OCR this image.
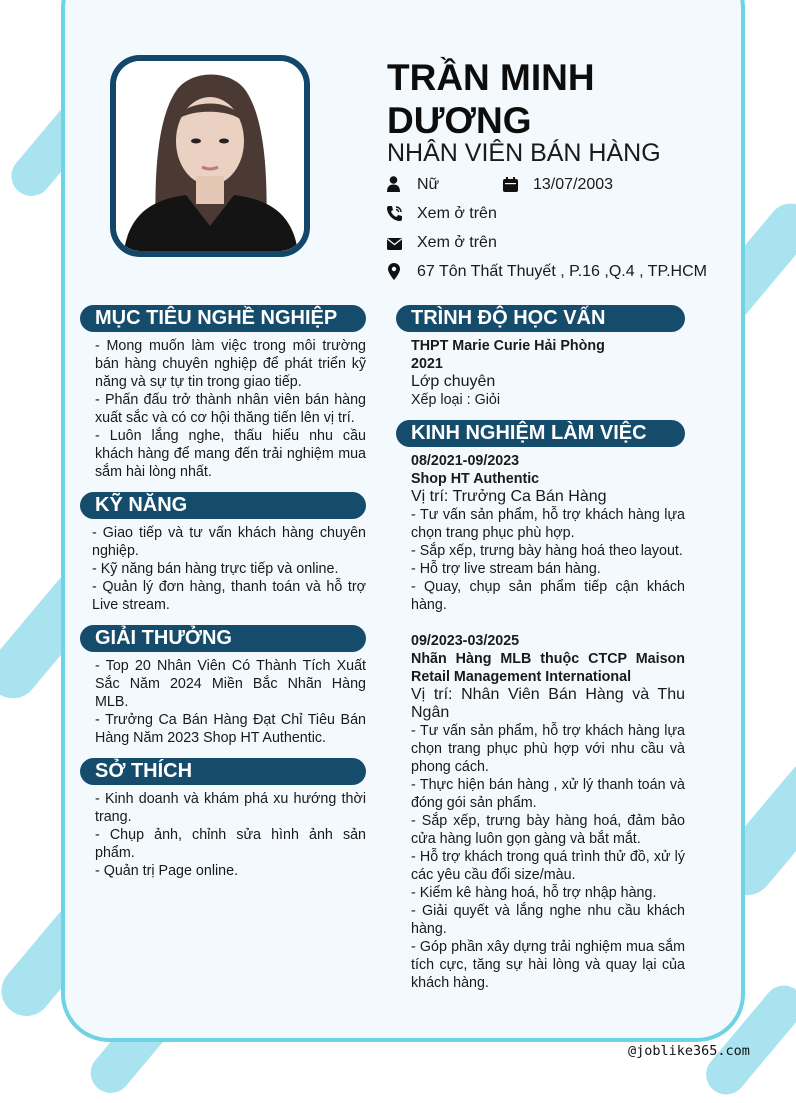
TRẦN MINH DƯƠNG
NHÂN VIÊN BÁN HÀNG
Nữ	13/07/2003
Xem ở trên
Xem ở trên
67 Tôn Thất Thuyết , P.16 ,Q.4 , TP.HCM
MỤC TIÊU NGHỀ NGHIỆP

- Mong muốn làm việc trong môi trường bán hàng chuyên nghiệp để phát triển kỹ năng và sự tự tin trong giao tiếp.

- Phấn đấu trở thành nhân viên bán hàng xuất sắc và có cơ hội thăng tiến lên vị trí.

- Luôn lắng nghe, thấu hiểu nhu cầu khách hàng để mang đến trải nghiệm mua sắm hài lòng nhất.

KỸ NĂNG

- Giao tiếp và tư vấn khách hàng chuyên nghiệp.

- Kỹ năng bán hàng trực tiếp và online.

- Quản lý đơn hàng, thanh toán và hỗ trợ Live stream.

GIẢI THƯỞNG

- Top 20 Nhân Viên Có Thành Tích Xuất Sắc Năm 2024 Miền Bắc Nhãn Hàng MLB.

- Trưởng Ca Bán Hàng Đạt Chỉ Tiêu Bán Hàng Năm 2023 Shop HT Authentic.

SỞ THÍCH

- Kinh doanh và khám phá xu hướng thời trang.

- Chụp ảnh, chỉnh sửa hình ảnh sản phẩm.

- Quản trị Page online.

TRÌNH ĐỘ HỌC VẤN

THPT Marie Curie Hải Phòng

2021

Lớp chuyên

Xếp loại : Giỏi

KINH NGHIỆM LÀM VIỆC

08/2021-09/2023

Shop HT Authentic

Vị trí: Trưởng Ca Bán Hàng

- Tư vấn sản phẩm, hỗ trợ khách hàng lựa chọn trang phục phù hợp.

- Sắp xếp, trưng bày hàng hoá theo layout.

- Hỗ trợ live stream bán hàng.

- Quay, chụp sản phẩm tiếp cận khách hàng.

09/2023-03/2025

Nhãn Hàng MLB thuộc CTCP Maison Retail Management International

Vị trí: Nhân Viên Bán Hàng và Thu Ngân

- Tư vấn sản phẩm, hỗ trợ khách hàng lựa chọn trang phục phù hợp với nhu cầu và phong cách.

- Thực hiện bán hàng , xử lý thanh toán và đóng gói sản phẩm.

- Sắp xếp, trưng bày hàng hoá, đảm bảo cửa hàng luôn gọn gàng và bắt mắt.

- Hỗ trợ khách trong quá trình thử đồ, xử lý các yêu cầu đổi size/màu.

- Kiểm kê hàng hoá, hỗ trợ nhập hàng.

- Giải quyết và lắng nghe nhu cầu khách hàng.

- Góp phần xây dựng trải nghiệm mua sắm tích cực, tăng sự hài lòng và quay lại của khách hàng.

@joblike365.com
